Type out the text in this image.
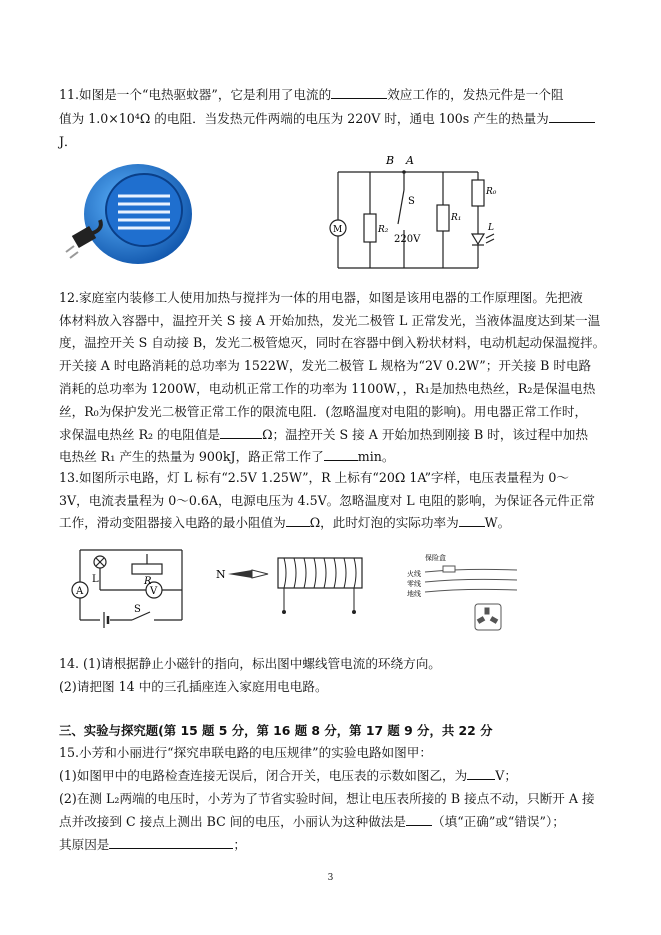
11.如图是一个“电热驱蚊器”，它是利用了电流的	效应工作的，发热元件是一个阻
值为 1.0×10⁴Ω 的电阻．当发热元件两端的电压为 220V 时，通电 100s 产生的热量为
J．
B A
S
220V
M	R₂
R₁
R₀
L
12.家庭室内装修工人使用加热与搅拌为一体的用电器，如图是该用电器的工作原理图。先把液
体材料放入容器中，温控开关 S 接 A 开始加热，发光二极管 L 正常发光，当液体温度达到某一温
度，温控开关 S 自动接 B，发光二极管熄灭，同时在容器中倒入粉状材料，电动机起动保温搅拌。
开关接 A 时电路消耗的总功率为 1522W，发光二极管 L 规格为“2V 0.2W”；开关接 B 时电路
消耗的总功率为 1200W，电动机正常工作的功率为 1100W，，R₁是加热电热丝，R₂是保温电热
丝，R₀为保护发光二极管正常工作的限流电阻．(忽略温度对电阻的影响)。用电器正常工作时，
求保温电热丝 R₂ 的电阻值是	Ω；温控开关 S 接 A 开始加热到刚接 B 时，该过程中加热
电热丝 R₁ 产生的热量为 900kJ，路正常工作了	min。
13.如图所示电路，灯 L 标有“2.5V 1.25W”，R 上标有“20Ω 1A”字样，电压表量程为 0～
3V，电流表量程为 0～0.6A，电源电压为 4.5V。忽略温度对 L 电阻的影响，为保证各元件正常
工作，滑动变阻器接入电路的最小阻值为 Ω，此时灯泡的实际功率为 W。
A
L	R
V
S
N
保险盒
火线
零线
地线
14. (1)请根据静止小磁针的指向，标出图中螺线管电流的环绕方向。
(2)请把图 14 中的三孔插座连入家庭用电电路。
三、实验与探究题(第 15 题 5 分，第 16 题 8 分，第 17 题 9 分，共 22 分
15.小芳和小丽进行“探究串联电路的电压规律”的实验电路如图甲：
(1)如图甲中的电路检查连接无误后，闭合开关，电压表的示数如图乙，为 V；
(2)在测 L₂两端的电压时，小芳为了节省实验时间，想让电压表所接的 B 接点不动，只断开 A 接
点并改接到 C 接点上测出 BC 间的电压，小丽认为这种做法是 （填“正确”或“错误”）；
其原因是	；
3
